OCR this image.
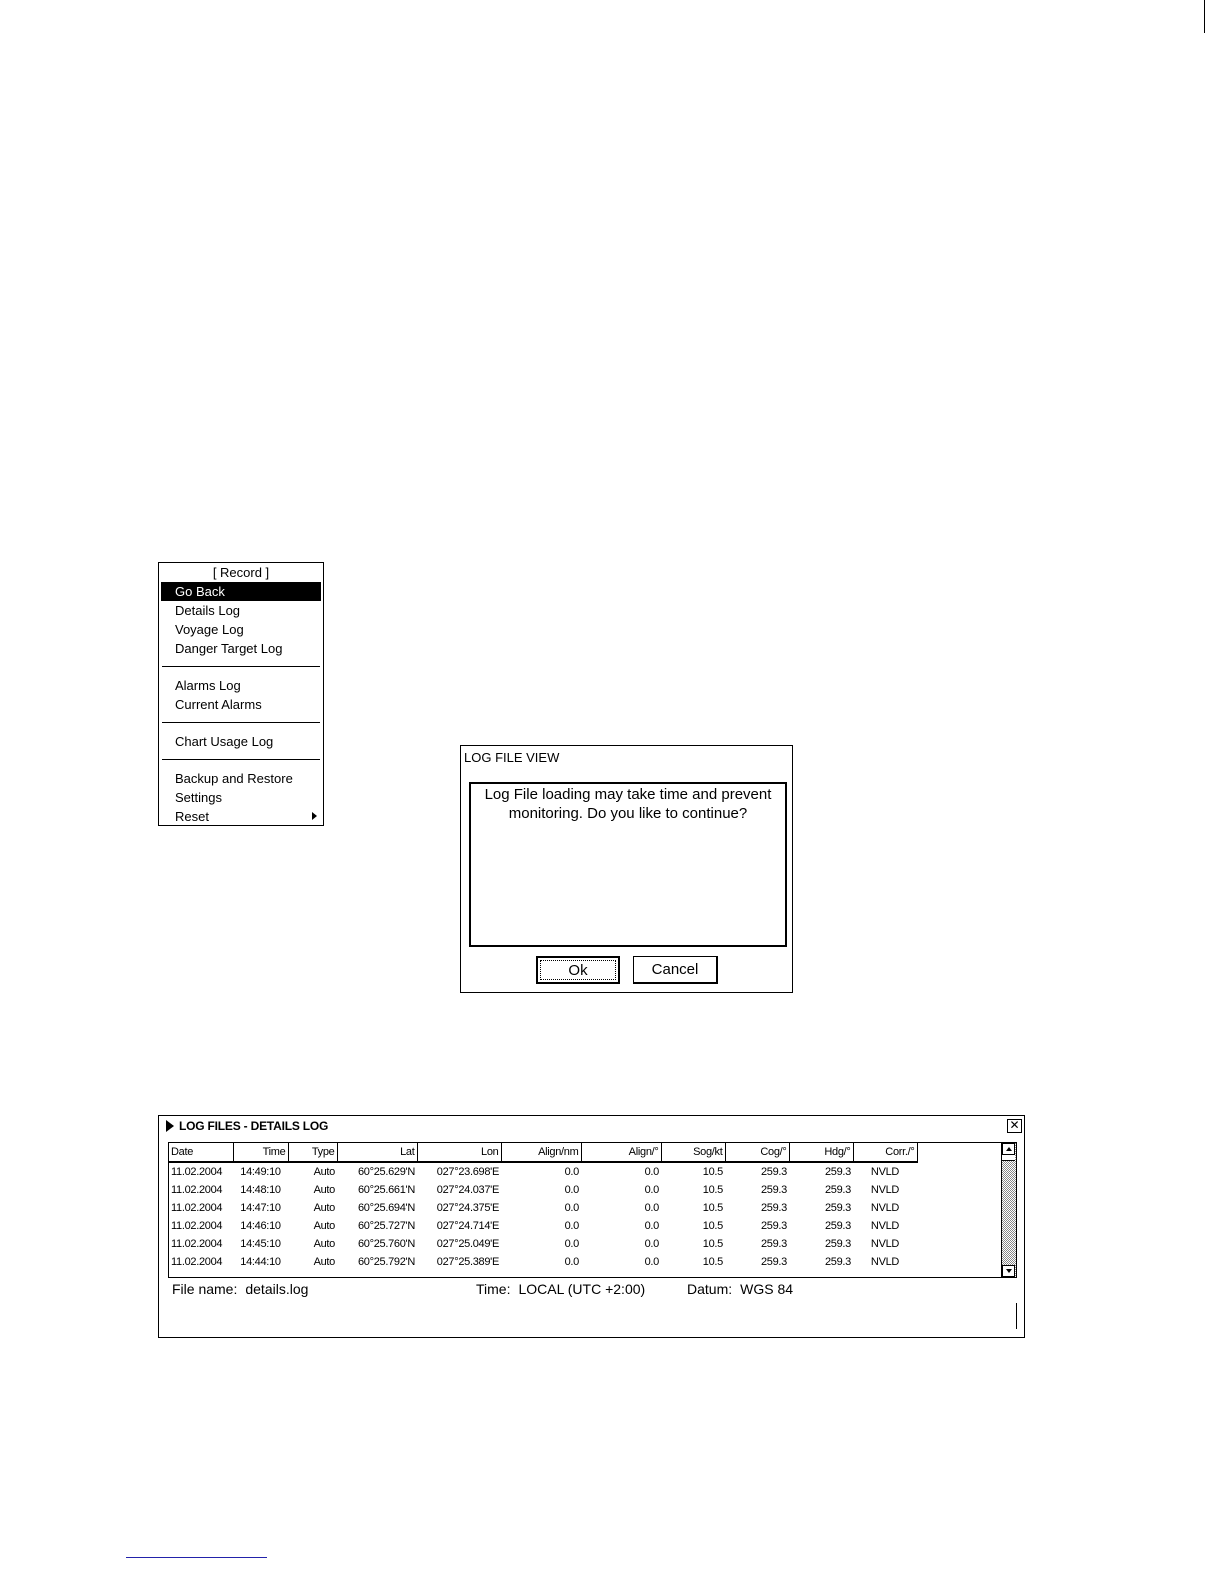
[ Record ]
Go Back
Details Log
Voyage Log
Danger Target Log
Alarms Log
Current Alarms
Chart Usage Log
Backup and Restore
Settings
Reset
LOG FILE VIEW
Log File loading may take time and prevent
monitoring. Do you like to continue?
Ok	Cancel
LOG FILES - DETAILS LOG	✕
Date	Time	Type	Lat	Lon	Align/nm	Align/°	Sog/kt	Cog/°	Hdg/°	Corr./°
11.02.2004	14:49:10	Auto	60°25.629'N	027°23.698'E	0.0	0.0	10.5	259.3	259.3	NVLD
11.02.2004	14:48:10	Auto	60°25.661'N	027°24.037'E	0.0	0.0	10.5	259.3	259.3	NVLD
11.02.2004	14:47:10	Auto	60°25.694'N	027°24.375'E	0.0	0.0	10.5	259.3	259.3	NVLD
11.02.2004	14:46:10	Auto	60°25.727'N	027°24.714'E	0.0	0.0	10.5	259.3	259.3	NVLD
11.02.2004	14:45:10	Auto	60°25.760'N	027°25.049'E	0.0	0.0	10.5	259.3	259.3	NVLD
11.02.2004	14:44:10	Auto	60°25.792'N	027°25.389'E	0.0	0.0	10.5	259.3	259.3	NVLD
File name: details.log	Time: LOCAL (UTC +2:00)	Datum: WGS 84
